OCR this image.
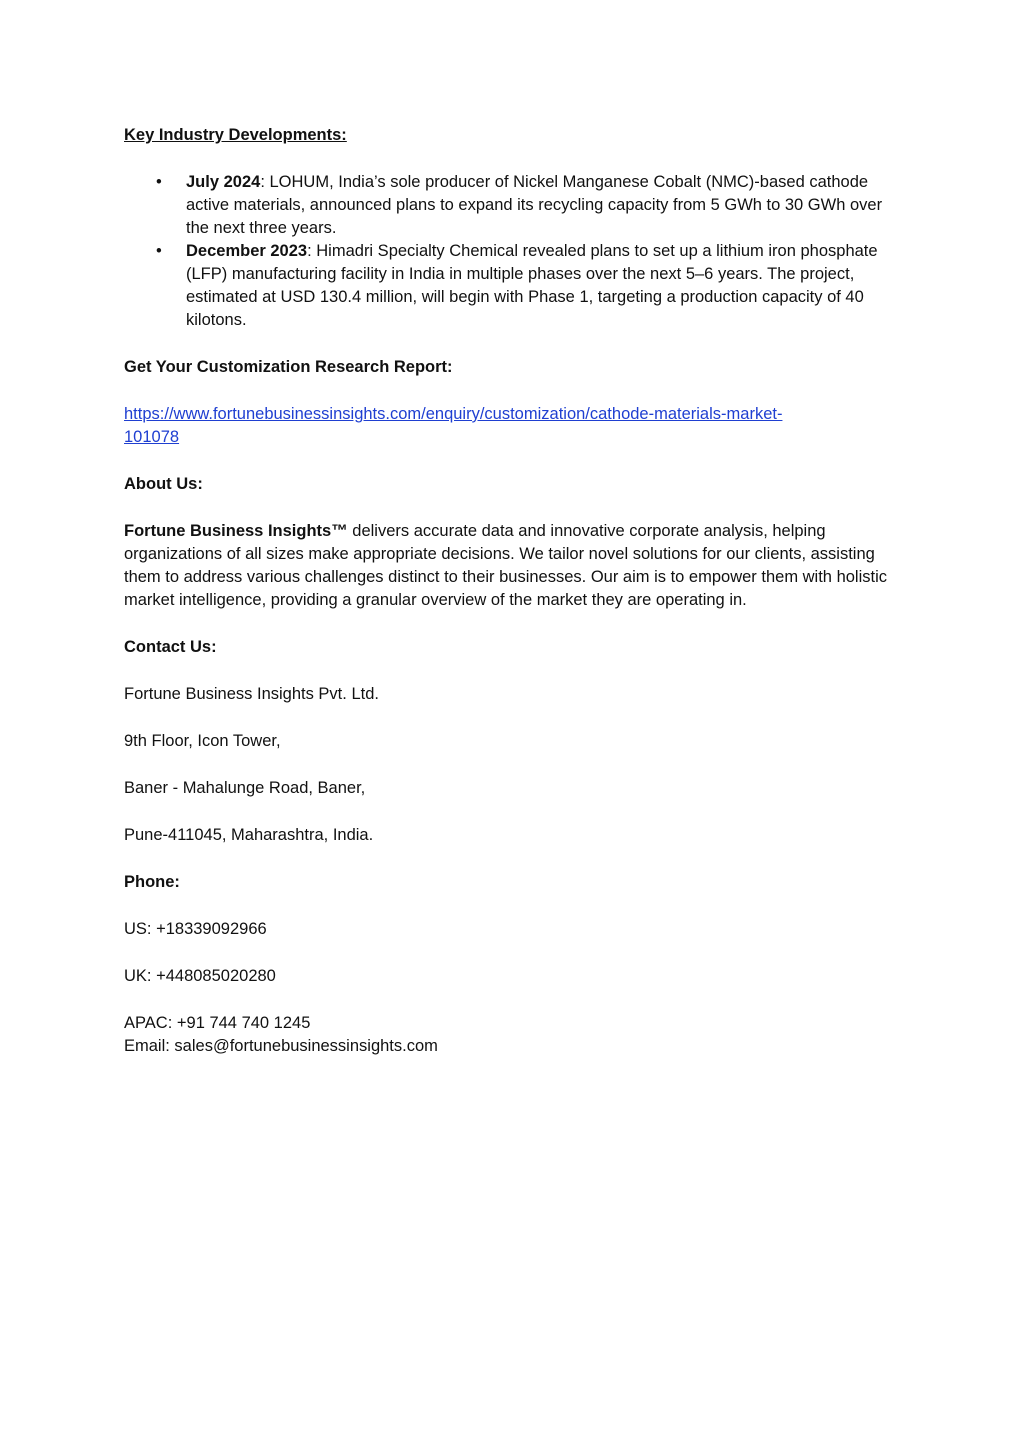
Key Industry Developments:

• July 2024: LOHUM, India’s sole producer of Nickel Manganese Cobalt (NMC)-based cathode active materials, announced plans to expand its recycling capacity from 5 GWh to 30 GWh over the next three years.
• December 2023: Himadri Specialty Chemical revealed plans to set up a lithium iron phosphate (LFP) manufacturing facility in India in multiple phases over the next 5–6 years. The project, estimated at USD 130.4 million, will begin with Phase 1, targeting a production capacity of 40 kilotons.

Get Your Customization Research Report:

https://www.fortunebusinessinsights.com/enquiry/customization/cathode-materials-market-
101078

About Us:

Fortune Business Insights™ delivers accurate data and innovative corporate analysis, helping organizations of all sizes make appropriate decisions. We tailor novel solutions for our clients, assisting them to address various challenges distinct to their businesses. Our aim is to empower them with holistic market intelligence, providing a granular overview of the market they are operating in.

Contact Us:

Fortune Business Insights Pvt. Ltd.

9th Floor, Icon Tower,

Baner - Mahalunge Road, Baner,

Pune-411045, Maharashtra, India.

Phone:

US: +18339092966

UK: +448085020280

APAC: +91 744 740 1245

Email: sales@fortunebusinessinsights.com
